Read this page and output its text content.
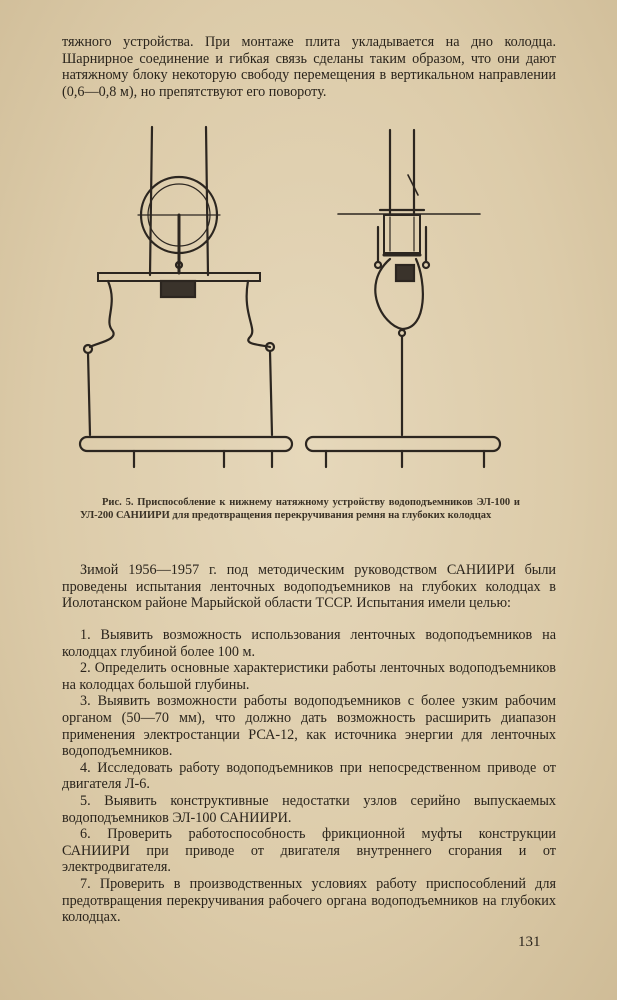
тяжного устройства. При монтаже плита укладывается на дно колодца. Шарнирное соединение и гибкая связь сделаны таким образом, что они дают натяжному блоку некоторую свободу перемещения в вертикальном направлении (0,6—0,8 м), но препятствуют его повороту.

Рис. 5. Приспособление к нижнему натяжному устройству водоподъемников ЭЛ-100 и УЛ-200 САНИИРИ для предотвращения перекручивания ремня на глубоких колодцах

Зимой 1956—1957 г. под методическим руководством САНИИРИ были проведены испытания ленточных водоподъемников на глубоких колодцах в Иолотанском районе Марыйской области ТССР. Испытания имели целью:

1. Выявить возможность использования ленточных водоподъемников на колодцах глубиной более 100 м.

2. Определить основные характеристики работы ленточных водоподъемников на колодцах большой глубины.

3. Выявить возможности работы водоподъемников с более узким рабочим органом (50—70 мм), что должно дать возможность расширить диапазон применения электростанции РСА-12, как источника энергии для ленточных водоподъемников.

4. Исследовать работу водоподъемников при непосредственном приводе от двигателя Л-6.

5. Выявить конструктивные недостатки узлов серийно выпускаемых водоподъемников ЭЛ-100 САНИИРИ.

6. Проверить работоспособность фрикционной муфты конструкции САНИИРИ при приводе от двигателя внутреннего сгорания и от электродвигателя.

7. Проверить в производственных условиях работу приспособлений для предотвращения перекручивания рабочего органа водоподъемников на глубоких колодцах.

131
